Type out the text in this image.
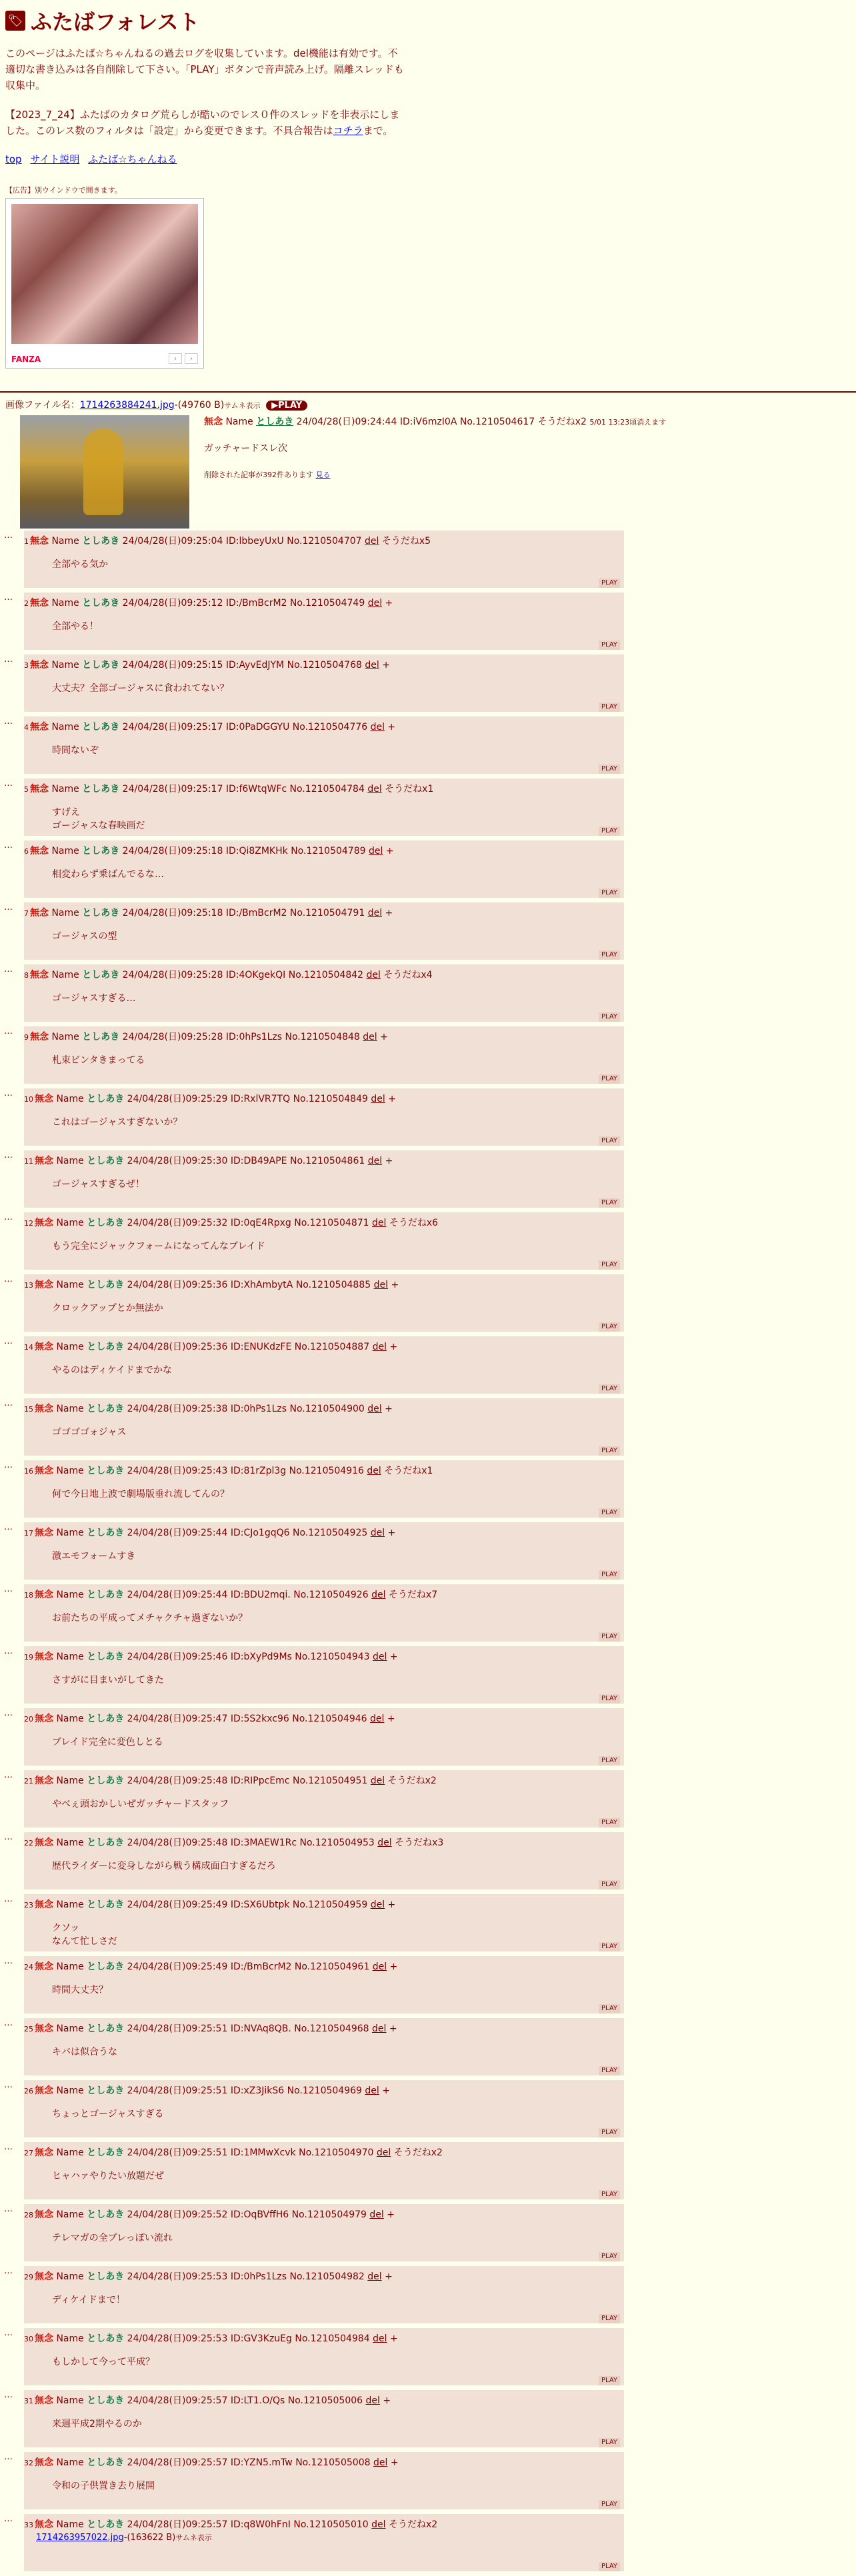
🏷 ふたばフォレスト

このページはふたば☆ちゃんねるの過去ログを収集しています。del機能は有効です。不適切な書き込みは各自削除して下さい。「PLAY」ボタンで音声読み上げ。隔離スレッドも収集中。

【2023_7_24】ふたばのカタログ荒らしが酷いのでレス０件のスレッドを非表示にしました。このレス数のフィルタは「設定」から変更できます。不具合報告はコチラまで。

top サイト説明 ふたば☆ちゃんねる
【広告】別ウインドウで開きます。
FANZA	‹	›
画像ファイル名：1714263884241.jpg-(49760 B)サムネ表示 ▶PLAY
無念 Name としあき 24/04/28(日)09:24:44 ID:iV6mzI0A No.1210504617 そうだねx2 5/01 13:23頃消えます
ガッチャードスレ次
削除された記事が392件あります 見る
…
1 無念 Name としあき 24/04/28(日)09:25:04 ID:lbbeyUxU No.1210504707 del そうだねx5
全部やる気か
PLAY
…
2 無念 Name としあき 24/04/28(日)09:25:12 ID:/BmBcrM2 No.1210504749 del +
全部やる！
PLAY
…
3 無念 Name としあき 24/04/28(日)09:25:15 ID:AyvEdJYM No.1210504768 del +
大丈夫？全部ゴージャスに食われてない？
PLAY
…
4 無念 Name としあき 24/04/28(日)09:25:17 ID:0PaDGGYU No.1210504776 del +
時間ないぞ
PLAY
…
5 無念 Name としあき 24/04/28(日)09:25:17 ID:f6WtqWFc No.1210504784 del そうだねx1
すげえ
ゴージャスな春映画だ	PLAY
…
6 無念 Name としあき 24/04/28(日)09:25:18 ID:Qi8ZMKHk No.1210504789 del +
相変わらず乗ばんでるな…
PLAY
…
7 無念 Name としあき 24/04/28(日)09:25:18 ID:/BmBcrM2 No.1210504791 del +
ゴージャスの型
PLAY
…
8 無念 Name としあき 24/04/28(日)09:25:28 ID:4OKgekQI No.1210504842 del そうだねx4
ゴージャスすぎる…
PLAY
…
9 無念 Name としあき 24/04/28(日)09:25:28 ID:0hPs1Lzs No.1210504848 del +
札束ビンタきまってる
PLAY
…
10 無念 Name としあき 24/04/28(日)09:25:29 ID:RxlVR7TQ No.1210504849 del +
これはゴージャスすぎないか？
PLAY
…
11 無念 Name としあき 24/04/28(日)09:25:30 ID:DB49APE No.1210504861 del +
ゴージャスすぎるぜ！
PLAY
…
12 無念 Name としあき 24/04/28(日)09:25:32 ID:0qE4Rpxg No.1210504871 del そうだねx6
もう完全にジャックフォームになってんなブレイド
PLAY
…
13 無念 Name としあき 24/04/28(日)09:25:36 ID:XhAmbytA No.1210504885 del +
クロックアップとか無法か
PLAY
…
14 無念 Name としあき 24/04/28(日)09:25:36 ID:ENUKdzFE No.1210504887 del +
やるのはディケイドまでかな
PLAY
…
15 無念 Name としあき 24/04/28(日)09:25:38 ID:0hPs1Lzs No.1210504900 del +
ゴゴゴゴォジャス
PLAY
…
16 無念 Name としあき 24/04/28(日)09:25:43 ID:81rZpl3g No.1210504916 del そうだねx1
何で今日地上波で劇場版垂れ流してんの？
PLAY
…
17 無念 Name としあき 24/04/28(日)09:25:44 ID:CJo1gqQ6 No.1210504925 del +
激エモフォームすき
PLAY
…
18 無念 Name としあき 24/04/28(日)09:25:44 ID:BDU2mqi. No.1210504926 del そうだねx7
お前たちの平成ってメチャクチャ過ぎないか？
PLAY
…
19 無念 Name としあき 24/04/28(日)09:25:46 ID:bXyPd9Ms No.1210504943 del +
さすがに目まいがしてきた
PLAY
…
20 無念 Name としあき 24/04/28(日)09:25:47 ID:5S2kxc96 No.1210504946 del +
ブレイド完全に変色しとる
PLAY
…
21 無念 Name としあき 24/04/28(日)09:25:48 ID:RIPpcEmc No.1210504951 del そうだねx2
やべぇ頭おかしいぜガッチャードスタッフ
PLAY
…
22 無念 Name としあき 24/04/28(日)09:25:48 ID:3MAEW1Rc No.1210504953 del そうだねx3
歴代ライダーに変身しながら戦う構成面白すぎるだろ
PLAY
…
23 無念 Name としあき 24/04/28(日)09:25:49 ID:SX6Ubtpk No.1210504959 del +
クソッ
なんて忙しさだ	PLAY
…
24 無念 Name としあき 24/04/28(日)09:25:49 ID:/BmBcrM2 No.1210504961 del +
時間大丈夫？
PLAY
…
25 無念 Name としあき 24/04/28(日)09:25:51 ID:NVAq8QB. No.1210504968 del +
キバは似合うな
PLAY
…
26 無念 Name としあき 24/04/28(日)09:25:51 ID:xZ3JikS6 No.1210504969 del +
ちょっとゴージャスすぎる
PLAY
…
27 無念 Name としあき 24/04/28(日)09:25:51 ID:1MMwXcvk No.1210504970 del そうだねx2
ヒャハァやりたい放題だぜ
PLAY
…
28 無念 Name としあき 24/04/28(日)09:25:52 ID:OqBVffH6 No.1210504979 del +
テレマガの全プレっぽい流れ
PLAY
…
29 無念 Name としあき 24/04/28(日)09:25:53 ID:0hPs1Lzs No.1210504982 del +
ディケイドまで！
PLAY
…
30 無念 Name としあき 24/04/28(日)09:25:53 ID:GV3KzuEg No.1210504984 del +
もしかして今って平成？
PLAY
…
31 無念 Name としあき 24/04/28(日)09:25:57 ID:LT1.O/Qs No.1210505006 del +
来週平成2期やるのか
PLAY
…
32 無念 Name としあき 24/04/28(日)09:25:57 ID:YZN5.mTw No.1210505008 del +
令和の子供置き去り展開
PLAY
…
33 無念 Name としあき 24/04/28(日)09:25:57 ID:q8W0hFnI No.1210505010 del そうだねx2
1714263957022.jpg-(163622 B)サムネ表示
PLAY
